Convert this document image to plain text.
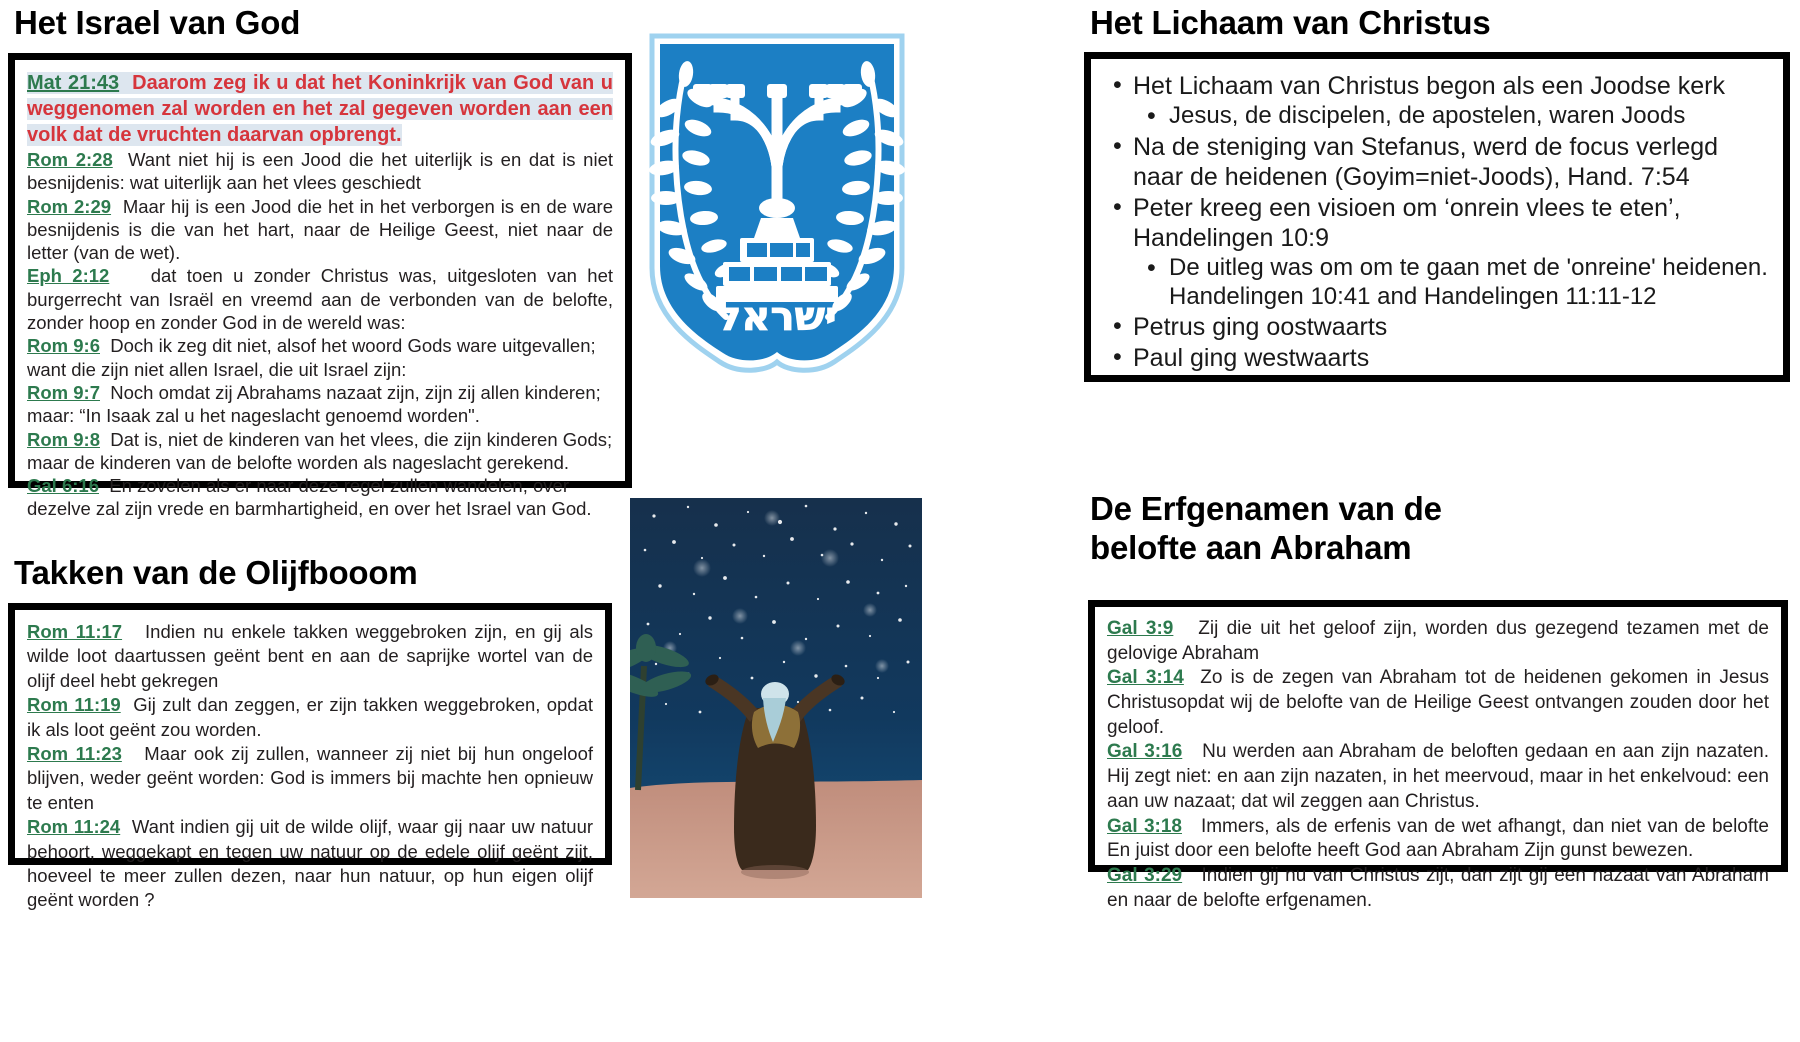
Het Israel van God

Mat 21:43 Daarom zeg ik u dat het Koninkrijk van God van u weggenomen zal worden en het zal gegeven worden aan een volk dat de vruchten daarvan opbrengt.

Rom 2:28 Want niet hij is een Jood die het uiterlijk is en dat is niet besnijdenis: wat uiterlijk aan het vlees geschiedt

Rom 2:29 Maar hij is een Jood die het in het verborgen is en de ware besnijdenis is die van het hart, naar de Heilige Geest, niet naar de letter (van de wet).

Eph 2:12 dat toen u zonder Christus was, uitgesloten van het burgerrecht van Israël en vreemd aan de verbonden van de belofte, zonder hoop en zonder God in de wereld was:

Rom 9:6 Doch ik zeg dit niet, alsof het woord Gods ware uitgevallen; want die zijn niet allen Israel, die uit Israel zijn:

Rom 9:7 Noch omdat zij Abrahams nazaat zijn, zijn zij allen kinderen; maar: “In Isaak zal u het nageslacht genoemd worden".

Rom 9:8 Dat is, niet de kinderen van het vlees, die zijn kinderen Gods; maar de kinderen van de belofte worden als nageslacht gerekend.

Gal 6:16 En zovelen als er naar deze regel zullen wandelen, over dezelve zal zijn vrede en barmhartigheid, en over het Israel van God.

ישראל
Het Lichaam van Christus
• Het Lichaam van Christus begon als een Joodse kerk
• Jesus, de discipelen, de apostelen, waren Joods
• Na de steniging van Stefanus, werd de focus verlegd naar de heidenen (Goyim=niet-Joods), Hand. 7:54
• Peter kreeg een visioen om ‘onrein vlees te eten’, Handelingen 10:9
• De uitleg was om om te gaan met de 'onreine' heidenen. Handelingen 10:41 and Handelingen 11:11-12
• Petrus ging oostwaarts
• Paul ging westwaarts
Takken van de Olijfbooom

Rom 11:17 Indien nu enkele takken weggebroken zijn, en gij als wilde loot daartussen geënt bent en aan de saprijke wortel van de olijf deel hebt gekregen

Rom 11:19 Gij zult dan zeggen, er zijn takken weggebroken, opdat ik als loot geënt zou worden.

Rom 11:23 Maar ook zij zullen, wanneer zij niet bij hun ongeloof blijven, weder geënt worden: God is immers bij machte hen opnieuw te enten

Rom 11:24 Want indien gij uit de wilde olijf, waar gij naar uw natuur behoort, weggekapt en tegen uw natuur op de edele olijf geënt zijt, hoeveel te meer zullen dezen, naar hun natuur, op hun eigen olijf geënt worden ?

De Erfgenamen van de belofte aan Abraham

Gal 3:9 Zij die uit het geloof zijn, worden dus gezegend tezamen met de gelovige Abraham

Gal 3:14 Zo is de zegen van Abraham tot de heidenen gekomen in Jesus Christusopdat wij de belofte van de Heilige Geest ontvangen zouden door het geloof.

Gal 3:16 Nu werden aan Abraham de beloften gedaan en aan zijn nazaten. Hij zegt niet: en aan zijn nazaten, in het meervoud, maar in het enkelvoud: een aan uw nazaat; dat wil zeggen aan Christus.

Gal 3:18 Immers, als de erfenis van de wet afhangt, dan niet van de belofte En juist door een belofte heeft God aan Abraham Zijn gunst bewezen.

Gal 3:29 Indien gij nu van Christus zijt, dan zijt gij een nazaat van Abraham en naar de belofte erfgenamen.
